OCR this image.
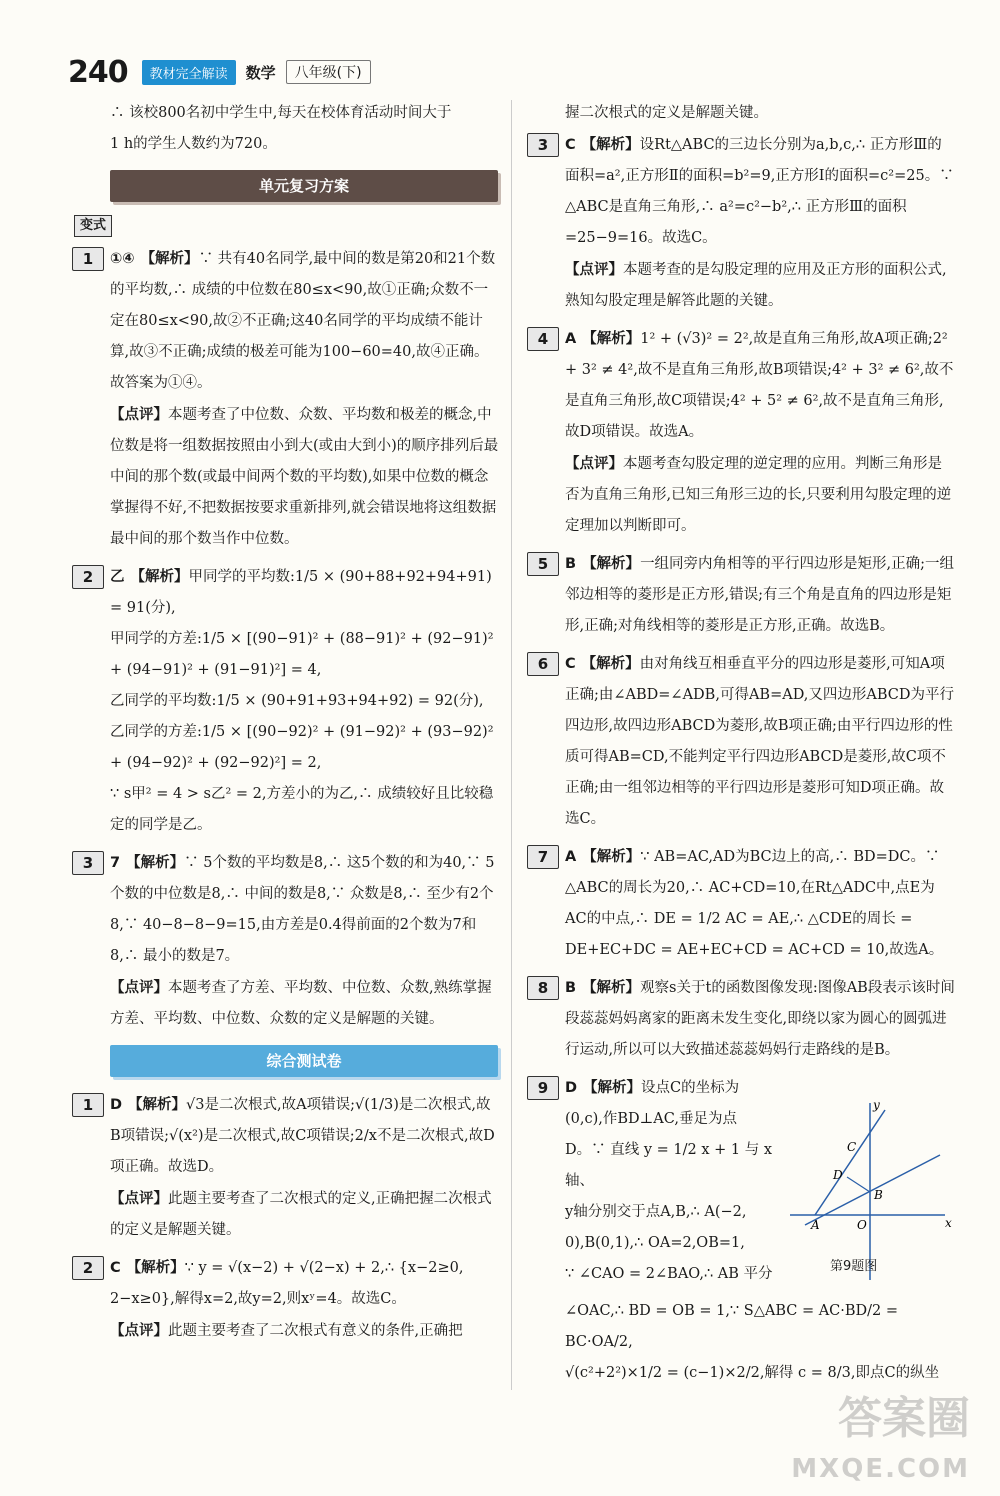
240	教材完全解读	数学	八年级(下)

∴ 该校800名初中学生中,每天在校体育活动时间大于

1 h的学生人数约为720。

单元复习方案
变式
1	①④ 【解析】∵ 共有40名同学,最中间的数是第20和21个数的平均数,∴ 成绩的中位数在80≤x<90,故①正确;众数不一定在80≤x<90,故②不正确;这40名同学的平均成绩不能计算,故③不正确;成绩的极差可能为100−60=40,故④正确。故答案为①④。
【点评】本题考查了中位数、众数、平均数和极差的概念,中位数是将一组数据按照由小到大(或由大到小)的顺序排列后最中间的那个数(或最中间两个数的平均数),如果中位数的概念掌握得不好,不把数据按要求重新排列,就会错误地将这组数据最中间的那个数当作中位数。
2	乙 【解析】甲同学的平均数:1/5 × (90+88+92+94+91) = 91(分),
甲同学的方差:1/5 × [(90−91)² + (88−91)² + (92−91)² + (94−91)² + (91−91)²] = 4,
乙同学的平均数:1/5 × (90+91+93+94+92) = 92(分),
乙同学的方差:1/5 × [(90−92)² + (91−92)² + (93−92)² + (94−92)² + (92−92)²] = 2,
∵ s甲² = 4 > s乙² = 2,方差小的为乙,∴ 成绩较好且比较稳定的同学是乙。
3	7 【解析】∵ 5个数的平均数是8,∴ 这5个数的和为40,∵ 5个数的中位数是8,∴ 中间的数是8,∵ 众数是8,∴ 至少有2个8,∵ 40−8−8−9=15,由方差是0.4得前面的2个数为7和8,∴ 最小的数是7。
【点评】本题考查了方差、平均数、中位数、众数,熟练掌握方差、平均数、中位数、众数的定义是解题的关键。
综合测试卷
1	D 【解析】√3是二次根式,故A项错误;√(1/3)是二次根式,故B项错误;√(x²)是二次根式,故C项错误;2/x不是二次根式,故D项正确。故选D。
【点评】此题主要考查了二次根式的定义,正确把握二次根式的定义是解题关键。
2	C 【解析】∵ y = √(x−2) + √(2−x) + 2,∴ {x−2≥0, 2−x≥0},解得x=2,故y=2,则xʸ=4。故选C。
【点评】此题主要考查了二次根式有意义的条件,正确把

握二次根式的定义是解题关键。

3	C 【解析】设Rt△ABC的三边长分别为a,b,c,∴ 正方形Ⅲ的面积=a²,正方形Ⅱ的面积=b²=9,正方形Ⅰ的面积=c²=25。∵ △ABC是直角三角形,∴ a²=c²−b²,∴ 正方形Ⅲ的面积=25−9=16。故选C。
【点评】本题考查的是勾股定理的应用及正方形的面积公式,熟知勾股定理是解答此题的关键。
4	A 【解析】1² + (√3)² = 2²,故是直角三角形,故A项正确;2² + 3² ≠ 4²,故不是直角三角形,故B项错误;4² + 3² ≠ 6²,故不是直角三角形,故C项错误;4² + 5² ≠ 6²,故不是直角三角形,故D项错误。故选A。
【点评】本题考查勾股定理的逆定理的应用。判断三角形是否为直角三角形,已知三角形三边的长,只要利用勾股定理的逆定理加以判断即可。
5	B 【解析】一组同旁内角相等的平行四边形是矩形,正确;一组邻边相等的菱形是正方形,错误;有三个角是直角的四边形是矩形,正确;对角线相等的菱形是正方形,正确。故选B。
6	C 【解析】由对角线互相垂直平分的四边形是菱形,可知A项正确;由∠ABD=∠ADB,可得AB=AD,又四边形ABCD为平行四边形,故四边形ABCD为菱形,故B项正确;由平行四边形的性质可得AB=CD,不能判定平行四边形ABCD是菱形,故C项不正确;由一组邻边相等的平行四边形是菱形可知D项正确。故选C。
7	A 【解析】∵ AB=AC,AD为BC边上的高,∴ BD=DC。∵ △ABC的周长为20,∴ AC+CD=10,在Rt△ADC中,点E为AC的中点,∴ DE = 1/2 AC = AE,∴ △CDE的周长 = DE+EC+DC = AE+EC+CD = AC+CD = 10,故选A。
8	B 【解析】观察s关于t的函数图像发现:图像AB段表示该时间段蕊蕊妈妈离家的距离未发生变化,即绕以家为圆心的圆弧进行运动,所以可以大致描述蕊蕊妈妈行走路线的是B。
9	D 【解析】设点C的坐标为
(0,c),作BD⊥AC,垂足为点
D。∵ 直线 y = 1/2 x + 1 与 x 轴、
y轴分别交于点A,B,∴ A(−2,
0),B(0,1),∴ OA=2,OB=1,
∵ ∠CAO = 2∠BAO,∴ AB 平分
∠OAC,∴ BD = OB = 1,∵ S△ABC = AC·BD/2 = BC·OA/2,
√(c²+2²)×1/2 = (c−1)×2/2,解得 c = 8/3,即点C的纵坐
y
x
C
D
B
A	O
第9题图
答案圈
MXQE.COM
